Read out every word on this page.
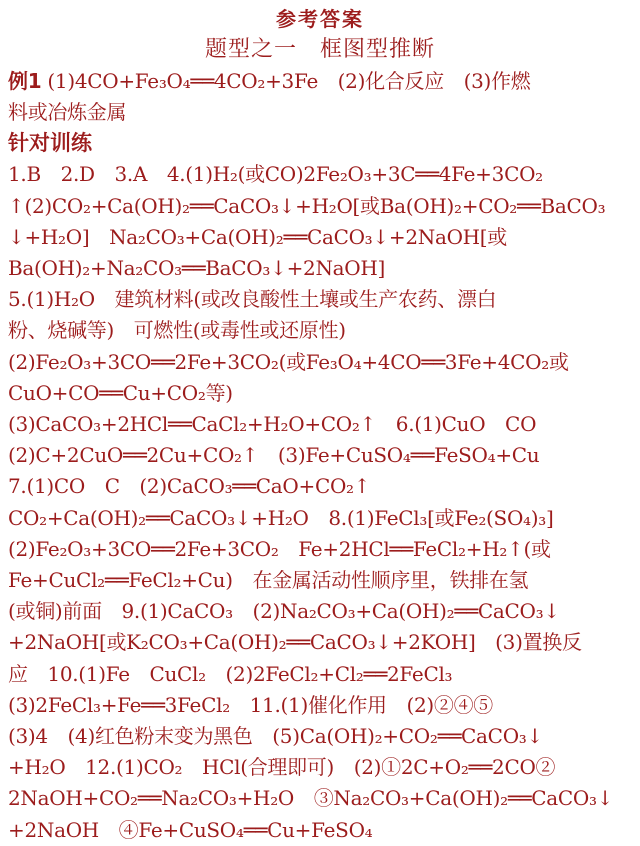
参考答案
题型之一　框图型推断
例1 (1)4CO+Fe₃O₄══4CO₂+3Fe　(2)化合反应　(3)作燃
料或冶炼金属
针对训练
1.B　2.D　3.A　4.(1)H₂(或CO)2Fe₂O₃+3C══4Fe+3CO₂
↑(2)CO₂+Ca(OH)₂══CaCO₃↓+H₂O[或Ba(OH)₂+CO₂══BaCO₃
↓+H₂O]　Na₂CO₃+Ca(OH)₂══CaCO₃↓+2NaOH[或
Ba(OH)₂+Na₂CO₃══BaCO₃↓+2NaOH]
5.(1)H₂O　建筑材料(或改良酸性土壤或生产农药、漂白
粉、烧碱等)　可燃性(或毒性或还原性)
(2)Fe₂O₃+3CO══2Fe+3CO₂(或Fe₃O₄+4CO══3Fe+4CO₂或
CuO+CO══Cu+CO₂等)
(3)CaCO₃+2HCl══CaCl₂+H₂O+CO₂↑　6.(1)CuO　CO
(2)C+2CuO══2Cu+CO₂↑　(3)Fe+CuSO₄══FeSO₄+Cu
7.(1)CO　C　(2)CaCO₃══CaO+CO₂↑
CO₂+Ca(OH)₂══CaCO₃↓+H₂O　8.(1)FeCl₃[或Fe₂(SO₄)₃]
(2)Fe₂O₃+3CO══2Fe+3CO₂　Fe+2HCl══FeCl₂+H₂↑(或
Fe+CuCl₂══FeCl₂+Cu)　在金属活动性顺序里，铁排在氢
(或铜)前面　9.(1)CaCO₃　(2)Na₂CO₃+Ca(OH)₂══CaCO₃↓
+2NaOH[或K₂CO₃+Ca(OH)₂══CaCO₃↓+2KOH]　(3)置换反
应　10.(1)Fe　CuCl₂　(2)2FeCl₂+Cl₂══2FeCl₃
(3)2FeCl₃+Fe══3FeCl₂　11.(1)催化作用　(2)②④⑤
(3)4　(4)红色粉末变为黑色　(5)Ca(OH)₂+CO₂══CaCO₃↓
+H₂O　12.(1)CO₂　HCl(合理即可)　(2)①2C+O₂══2CO②
2NaOH+CO₂══Na₂CO₃+H₂O　③Na₂CO₃+Ca(OH)₂══CaCO₃↓
+2NaOH　④Fe+CuSO₄══Cu+FeSO₄
